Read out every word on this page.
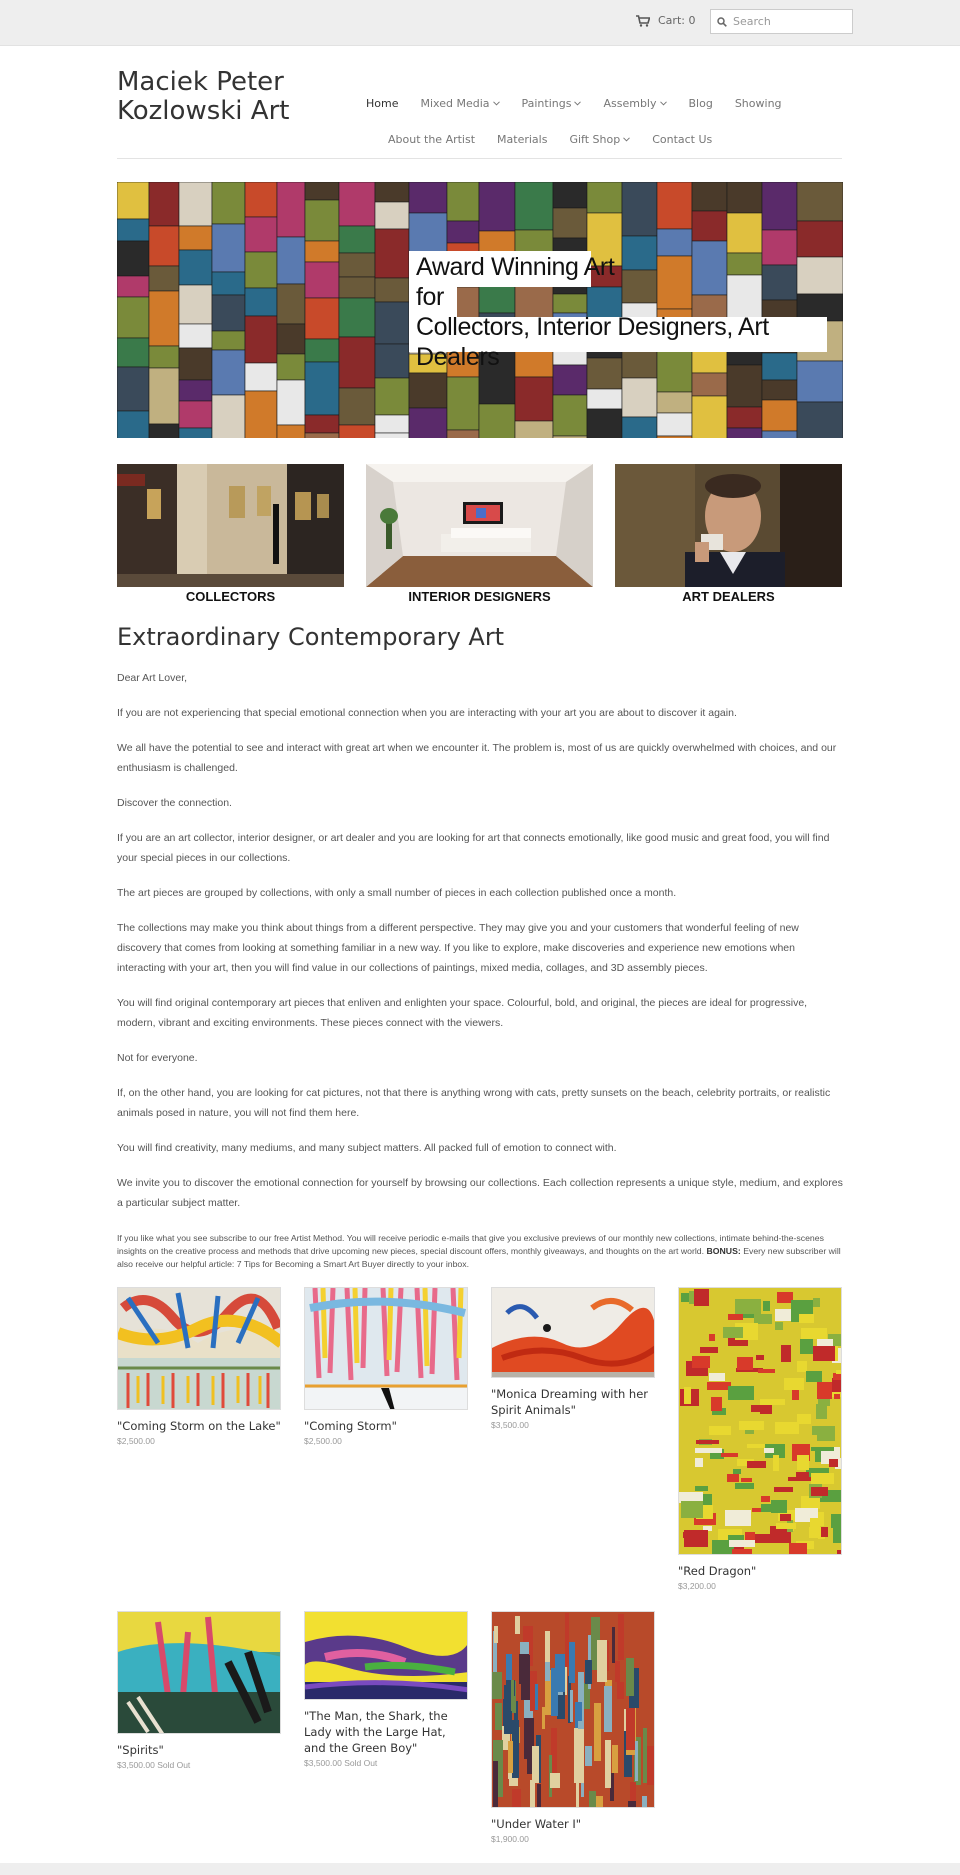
Cart: 0
Search
Maciek Peter
Kozlowski Art	Home Mixed Media	Paintings	Assembly	Blog Showing
About the Artist Materials Gift Shop	Contact Us
Award Winning Art
for
Collectors, Interior Designers, Art Dealers
COLLECTORS	INTERIOR DESIGNERS	ART DEALERS
Extraordinary Contemporary Art

Dear Art Lover,

If you are not experiencing that special emotional connection when you are interacting with your art you are about to discover it again.

We all have the potential to see and interact with great art when we encounter it. The problem is, most of us are quickly overwhelmed with choices, and our enthusiasm is challenged.

Discover the connection.

If you are an art collector, interior designer, or art dealer and you are looking for art that connects emotionally, like good music and great food, you will find your special pieces in our collections.

The art pieces are grouped by collections, with only a small number of pieces in each collection published once a month.

The collections may make you think about things from a different perspective. They may give you and your customers that wonderful feeling of new discovery that comes from looking at something familiar in a new way. If you like to explore, make discoveries and experience new emotions when interacting with your art, then you will find value in our collections of paintings, mixed media, collages, and 3D assembly pieces.

You will find original contemporary art pieces that enliven and enlighten your space. Colourful, bold, and original, the pieces are ideal for progressive, modern, vibrant and exciting environments. These pieces connect with the viewers.

Not for everyone.

If, on the other hand, you are looking for cat pictures, not that there is anything wrong with cats, pretty sunsets on the beach, celebrity portraits, or realistic animals posed in nature, you will not find them here.

You will find creativity, many mediums, and many subject matters. All packed full of emotion to connect with.

We invite you to discover the emotional connection for yourself by browsing our collections. Each collection represents a unique style, medium, and explores a particular subject matter.

If you like what you see subscribe to our free Artist Method. You will receive periodic e-mails that give you exclusive previews of our monthly new collections, intimate behind-the-scenes insights on the creative process and methods that drive upcoming new pieces, special discount offers, monthly giveaways, and thoughts on the art world. BONUS: Every new subscriber will also receive our helpful article: 7 Tips for Becoming a Smart Art Buyer directly to your inbox.
"Coming Storm on the Lake"
$2,500.00
"Coming Storm"
$2,500.00
"Monica Dreaming with her Spirit Animals"
$3,500.00
"Red Dragon"
$3,200.00
"Spirits"
$3,500.00 Sold Out
"The Man, the Shark, the Lady with the Large Hat, and the Green Boy"
$3,500.00 Sold Out
"Under Water I"
$1,900.00
